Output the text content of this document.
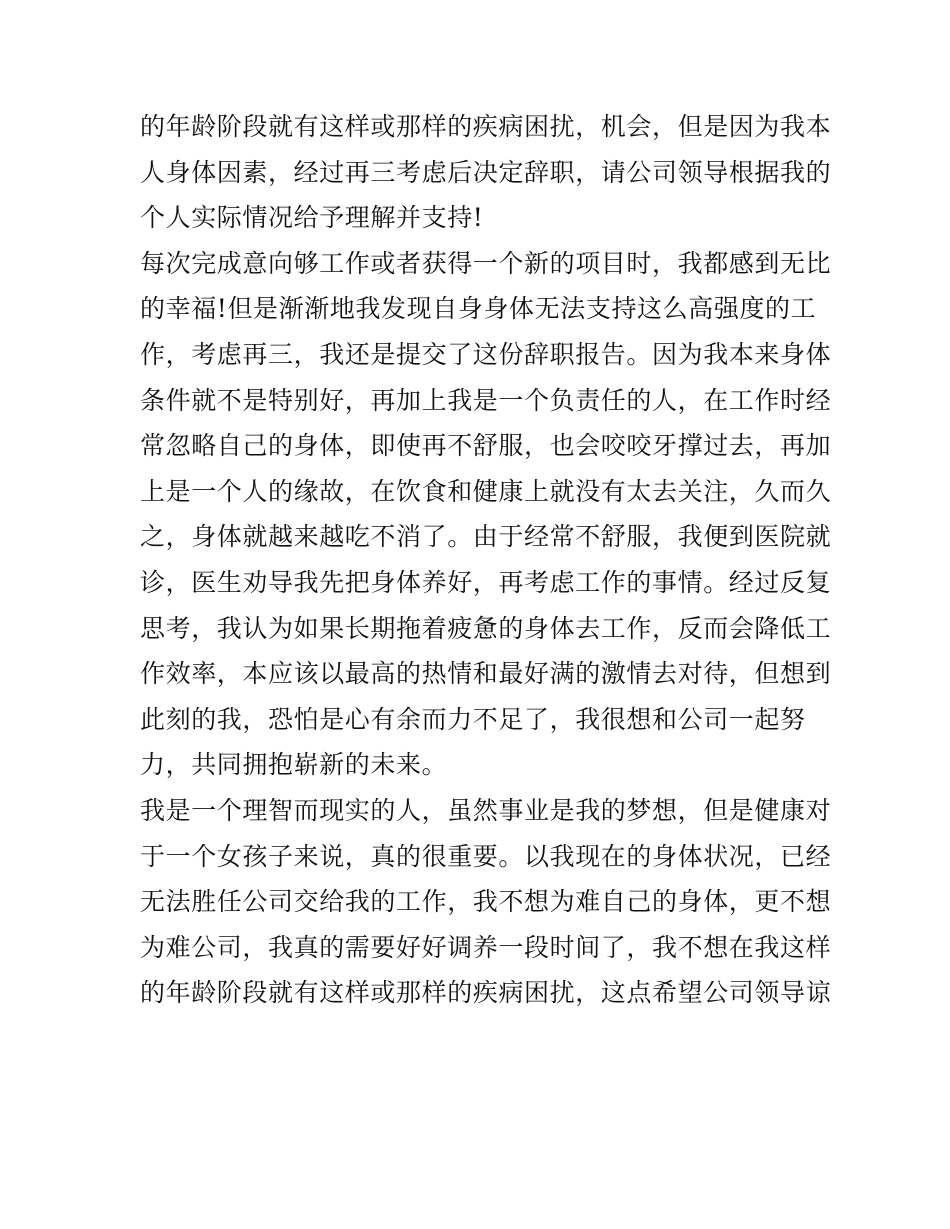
的年龄阶段就有这样或那样的疾病困扰，机会，但是因为我本
人身体因素，经过再三考虑后决定辞职，请公司领导根据我的
个人实际情况给予理解并支持!
每次完成意向够工作或者获得一个新的项目时，我都感到无比
的幸福!但是渐渐地我发现自身身体无法支持这么高强度的工
作，考虑再三，我还是提交了这份辞职报告。因为我本来身体
条件就不是特别好，再加上我是一个负责任的人，在工作时经
常忽略自己的身体，即使再不舒服，也会咬咬牙撑过去，再加
上是一个人的缘故，在饮食和健康上就没有太去关注，久而久
之，身体就越来越吃不消了。由于经常不舒服，我便到医院就
诊，医生劝导我先把身体养好，再考虑工作的事情。经过反复
思考，我认为如果长期拖着疲惫的身体去工作，反而会降低工
作效率，本应该以最高的热情和最好满的激情去对待，但想到
此刻的我，恐怕是心有余而力不足了，我很想和公司一起努
力，共同拥抱崭新的未来。
我是一个理智而现实的人，虽然事业是我的梦想，但是健康对
于一个女孩子来说，真的很重要。以我现在的身体状况，已经
无法胜任公司交给我的工作，我不想为难自己的身体，更不想
为难公司，我真的需要好好调养一段时间了，我不想在我这样
的年龄阶段就有这样或那样的疾病困扰，这点希望公司领导谅
